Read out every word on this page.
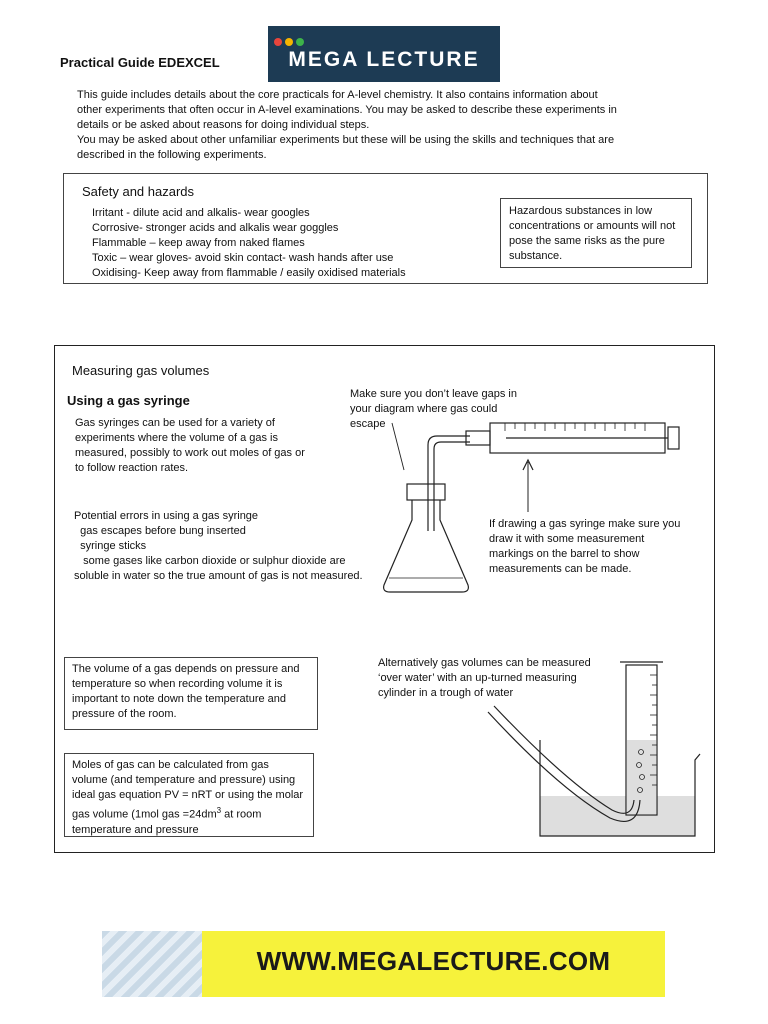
Practical Guide EDEXCEL	MEGA LECTURE

This guide includes details about the core practicals for A-level chemistry. It also contains information about

other experiments that often occur in A-level examinations. You may be asked to describe these experiments in

details or be asked about reasons for doing individual steps.

You may be asked about other unfamiliar experiments but these will be using the skills and techniques that are

described in the following experiments.

Safety and hazards
Irritant - dilute acid and alkalis- wear googles
Corrosive- stronger acids and alkalis wear goggles
Flammable – keep away from naked flames
Toxic – wear gloves- avoid skin contact- wash hands after use
Oxidising- Keep away from flammable / easily oxidised materials
Hazardous substances in low concentrations or amounts will not pose the same risks as the pure substance.
Measuring gas volumes
Using a gas syringe
Gas syringes can be used for a variety of experiments where the volume of a gas is measured, possibly to work out moles of gas or to follow reaction rates.
Potential errors in using a gas syringe
gas escapes before bung inserted
syringe sticks
some gases like carbon dioxide or sulphur dioxide are soluble in water so the true amount of gas is not measured.
Make sure you don’t leave gaps in your diagram where gas could escape
If drawing a gas syringe make sure you draw it with some measurement markings on the barrel to show measurements can be made.
The volume of a gas depends on pressure and temperature so when recording volume it is important to note down the temperature and pressure of the room.
Moles of gas can be calculated from gas volume (and temperature and pressure) using ideal gas equation PV = nRT or using the molar gas volume (1mol gas $=24dm^3$ at room temperature and pressure
Alternatively gas volumes can be measured ‘over water’ with an up-turned measuring cylinder in a trough of water
WWW.MEGALECTURE.COM
